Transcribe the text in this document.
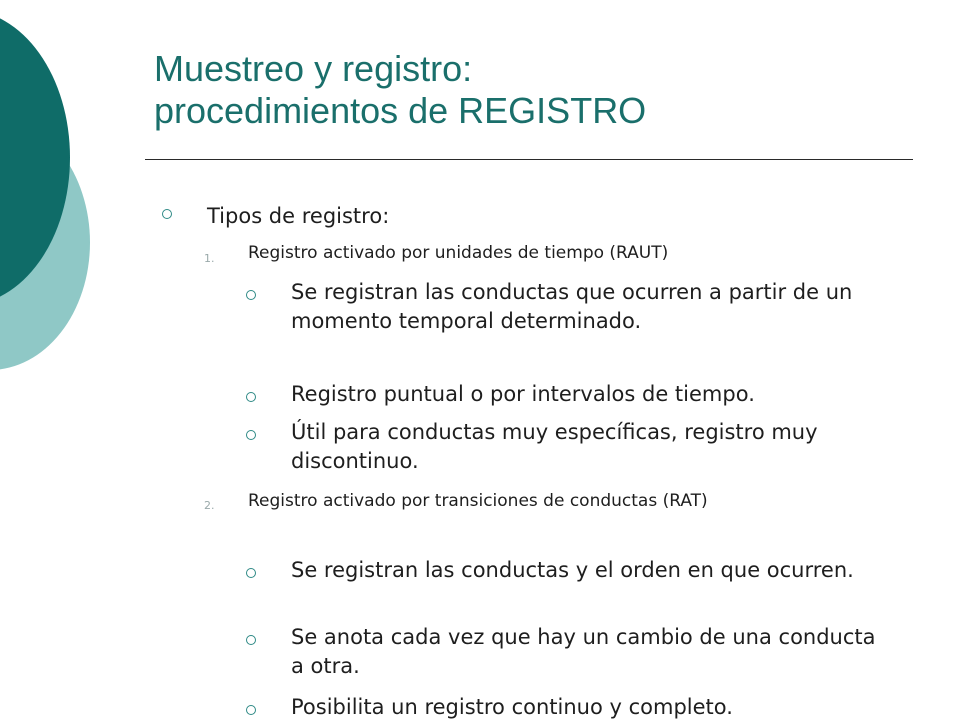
Muestreo y registro:
procedimientos de REGISTRO
Tipos de registro:
1. Registro activado por unidades de tiempo (RAUT)
Se registran las conductas que ocurren a partir de un momento temporal determinado.
Registro puntual o por intervalos de tiempo.
Útil para conductas muy específicas, registro muy discontinuo.
2. Registro activado por transiciones de conductas (RAT)
Se registran las conductas y el orden en que ocurren.
Se anota cada vez que hay un cambio de una conducta a otra.
Posibilita un registro continuo y completo.
